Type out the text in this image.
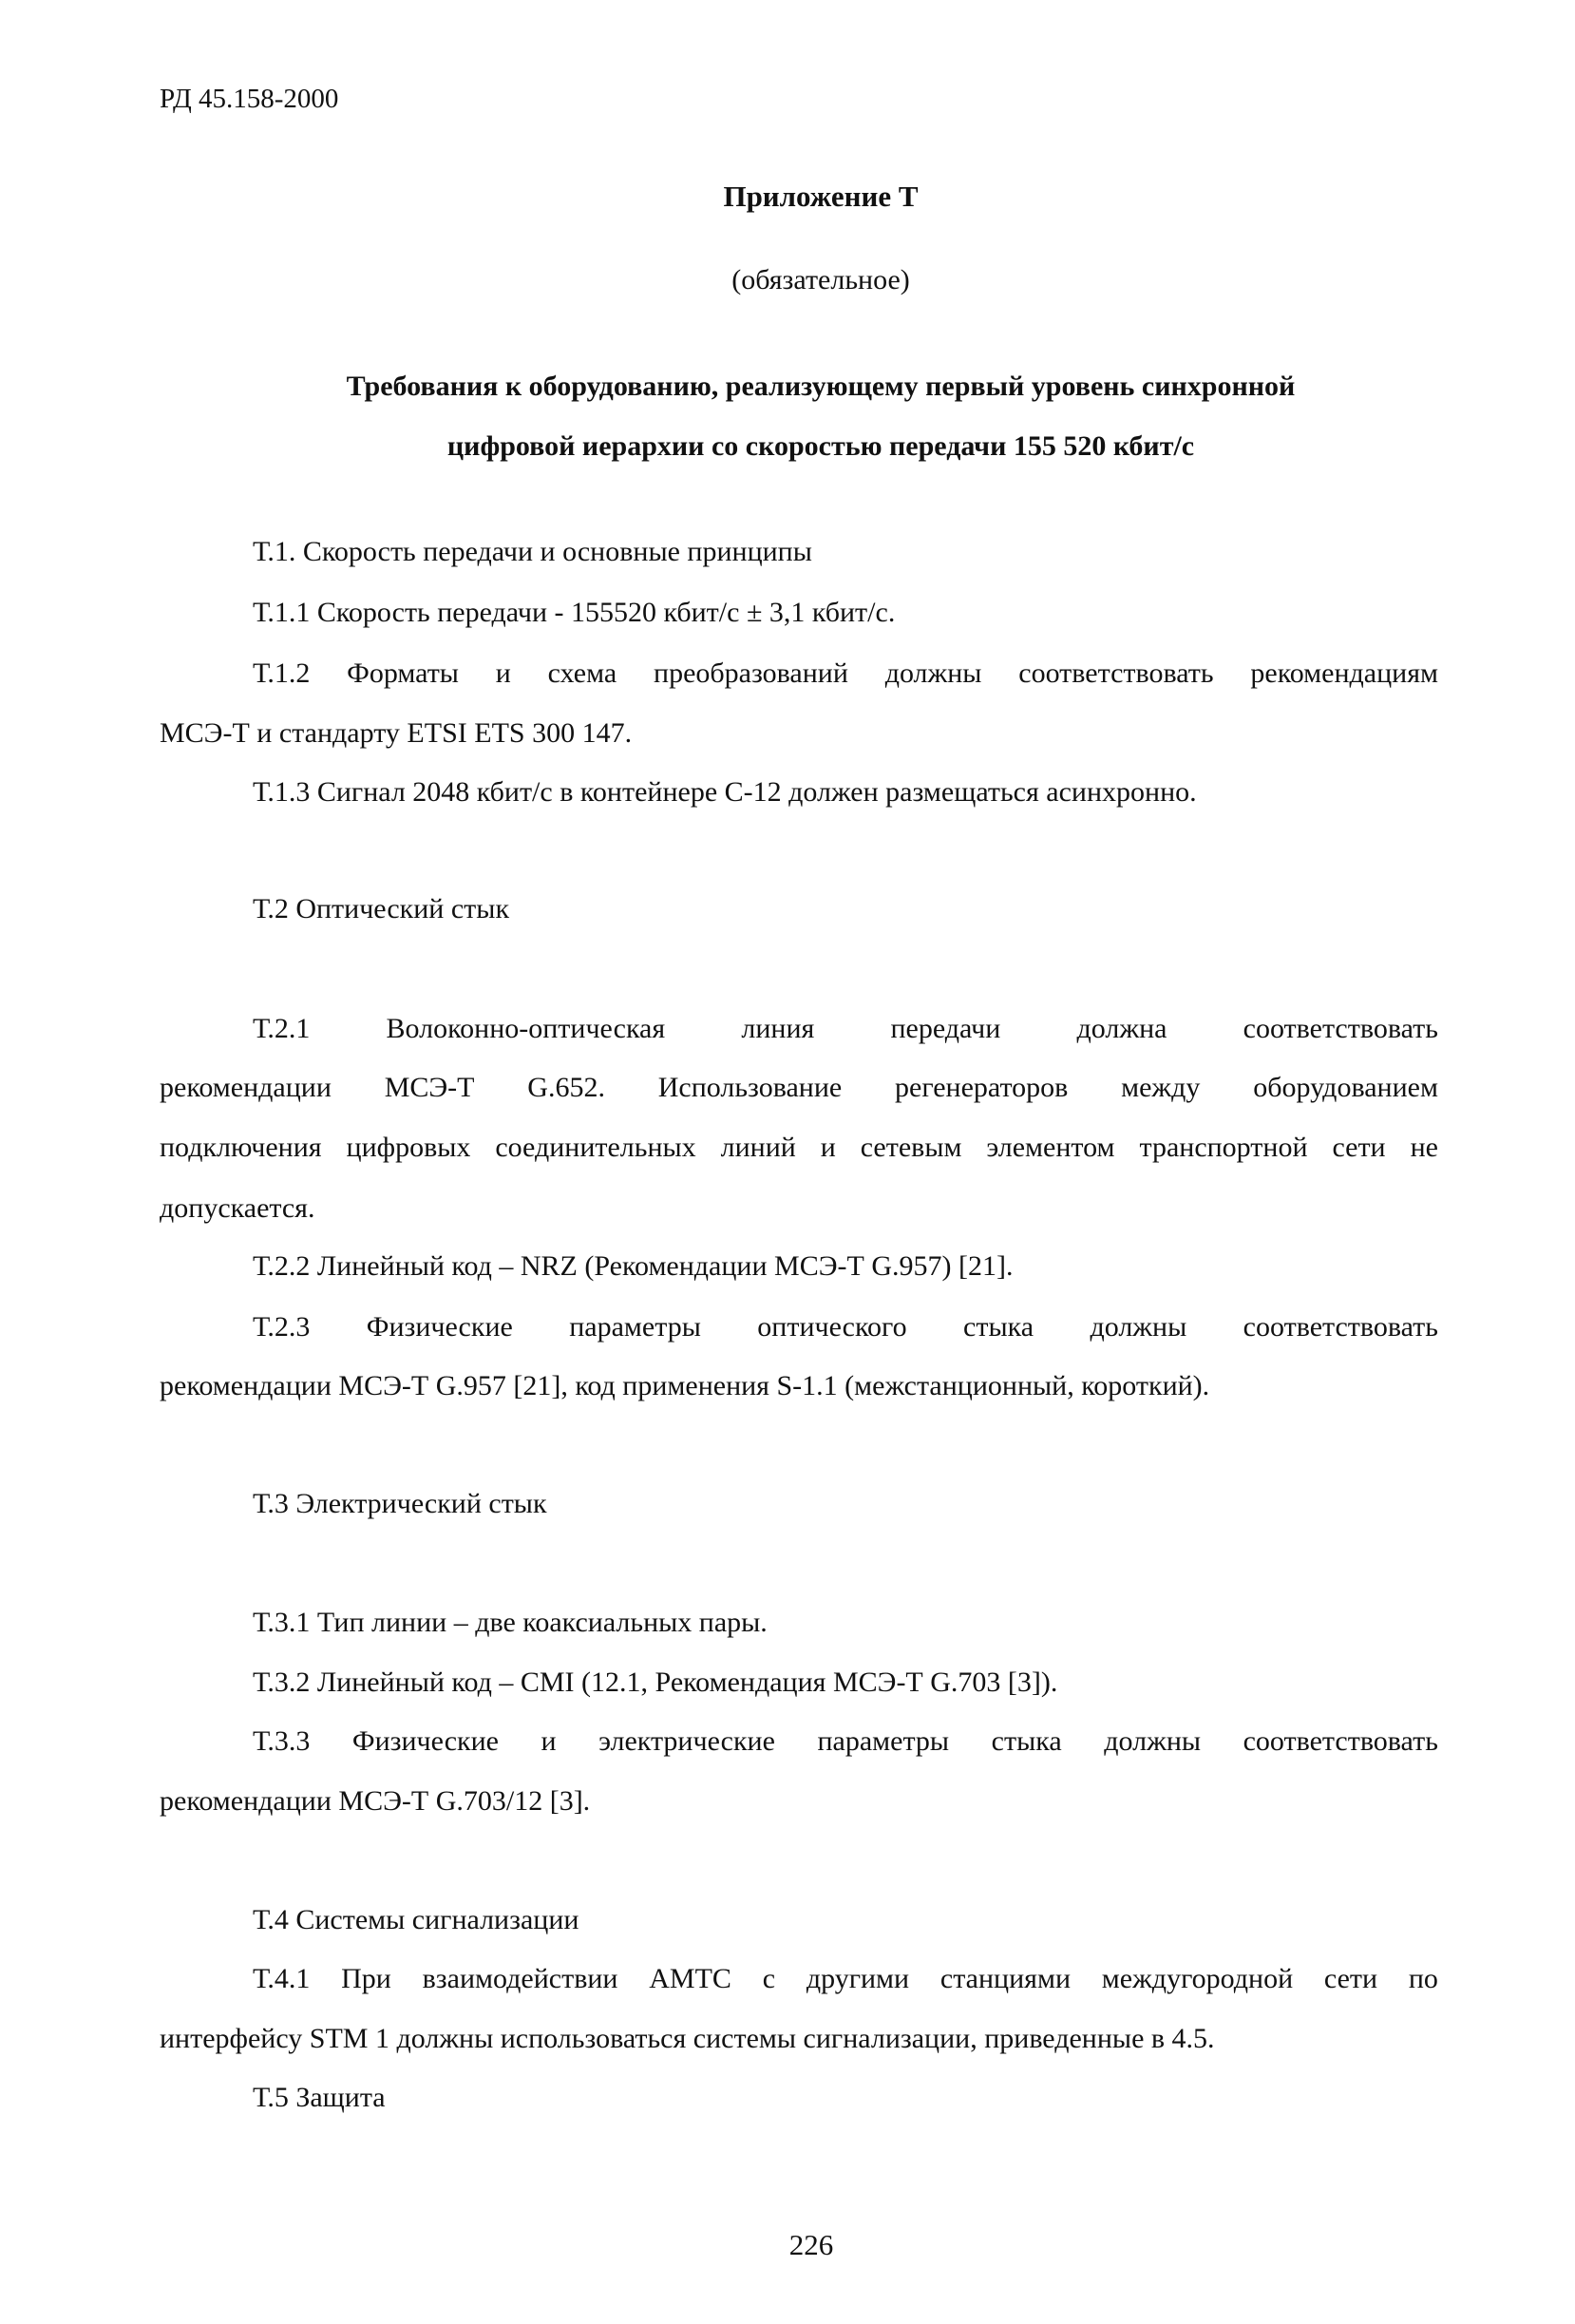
РД 45.158-2000
Приложение Т
(обязательное)
Требования к оборудованию, реализующему первый уровень синхронной
цифровой иерархии со скоростью передачи 155 520 кбит/с
Т.1. Скорость передачи и основные принципы
Т.1.1 Скорость передачи - 155520 кбит/с ± 3,1 кбит/с.
Т.1.2 Форматы и схема преобразований должны соответствовать рекомендациям
МСЭ-Т и стандарту ETSI ETS 300 147.
Т.1.3 Сигнал 2048 кбит/с в контейнере С-12 должен размещаться асинхронно.
Т.2 Оптический стык
Т.2.1	Волоконно-оптическая	линия	передачи	должна	соответствовать
рекомендации МСЭ-Т G.652. Использование регенераторов между оборудованием
подключения цифровых соединительных линий и сетевым элементом транспортной сети не
допускается.
Т.2.2 Линейный код – NRZ (Рекомендации МСЭ-Т G.957) [21].
Т.2.3 Физические параметры оптического стыка должны соответствовать
рекомендации МСЭ-Т G.957 [21], код применения S-1.1 (межстанционный, короткий).
Т.3 Электрический стык
Т.3.1 Тип линии – две коаксиальных пары.
Т.3.2 Линейный код – CMI (12.1, Рекомендация МСЭ-Т G.703 [3]).
Т.3.3 Физические и электрические параметры стыка должны соответствовать
рекомендации МСЭ-Т G.703/12 [3].
Т.4 Системы сигнализации
Т.4.1 При взаимодействии АМТС с другими станциями междугородной сети по
интерфейсу STM 1 должны использоваться системы сигнализации, приведенные в 4.5.
Т.5 Защита
226
